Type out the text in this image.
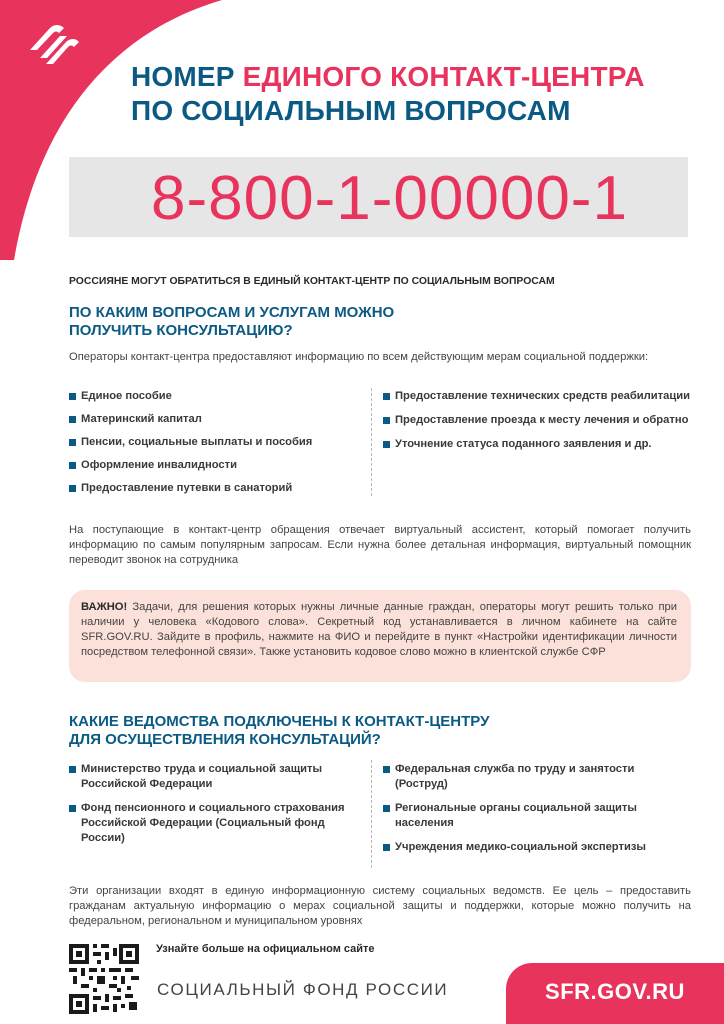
НОМЕР ЕДИНОГО КОНТАКТ-ЦЕНТРА
ПО СОЦИАЛЬНЫМ ВОПРОСАМ
8-800-1-00000-1
РОССИЯНЕ МОГУТ ОБРАТИТЬСЯ В ЕДИНЫЙ КОНТАКТ-ЦЕНТР ПО СОЦИАЛЬНЫМ ВОПРОСАМ
ПО КАКИМ ВОПРОСАМ И УСЛУГАМ МОЖНО
ПОЛУЧИТЬ КОНСУЛЬТАЦИЮ?
Операторы контакт-центра предоставляют информацию по всем действующим мерам социальной поддержки:
Единое пособие
Материнский капитал
Пенсии, социальные выплаты и пособия
Оформление инвалидности
Предоставление путевки в санаторий
Предоставление технических средств реабилитации
Предоставление проезда к месту лечения и обратно
Уточнение статуса поданного заявления и др.
На поступающие в контакт-центр обращения отвечает виртуальный ассистент, который помогает получить информацию по самым популярным запросам. Если нужна более детальная информация, виртуальный помощник переводит звонок на сотрудника
ВАЖНО! Задачи, для решения которых нужны личные данные граждан, операторы могут решить только при наличии у человека «Кодового слова». Секретный код устанавливается в личном кабинете на сайте SFR.GOV.RU. Зайдите в профиль, нажмите на ФИО и перейдите в пункт «Настройки идентификации личности посредством телефонной связи». Также установить кодовое слово можно в клиентской службе СФР
КАКИЕ ВЕДОМСТВА ПОДКЛЮЧЕНЫ К КОНТАКТ-ЦЕНТРУ
ДЛЯ ОСУЩЕСТВЛЕНИЯ КОНСУЛЬТАЦИЙ?
Министерство труда и социальной защиты Российской Федерации
Фонд пенсионного и социального страхования Российской Федерации (Социальный фонд России)
Федеральная служба по труду и занятости (Роструд)
Региональные органы социальной защиты населения
Учреждения медико-социальной экспертизы
Эти организации входят в единую информационную систему социальных ведомств. Ее цель – предоставить гражданам актуальную информацию о мерах социальной защиты и поддержки, которые можно получить на федеральном, региональном и муниципальном уровнях
Узнайте больше на официальном сайте
СОЦИАЛЬНЫЙ ФОНД РОССИИ	SFR.GOV.RU
